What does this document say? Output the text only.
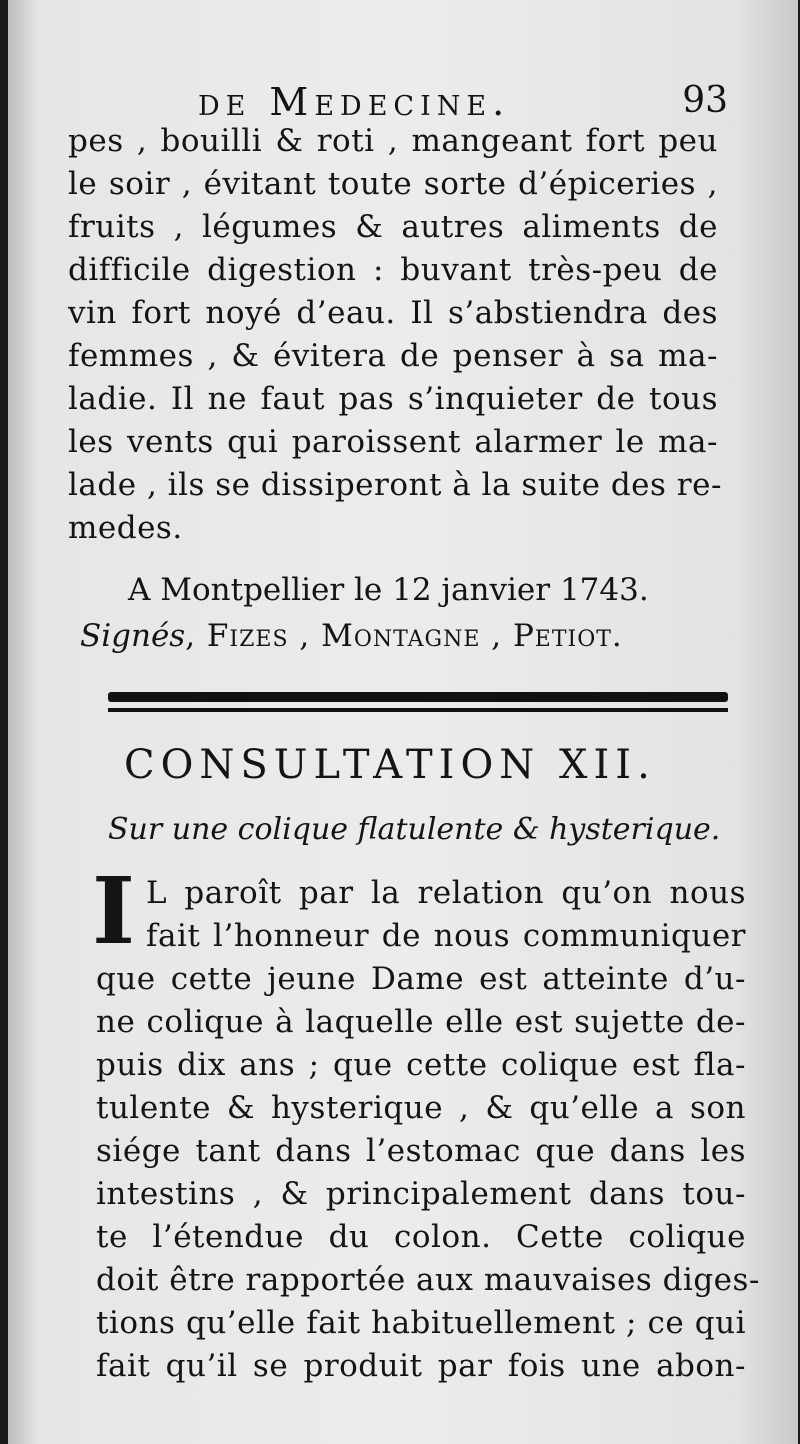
de Medecine.	93
pes , bouilli & roti , mangeant fort peu
le soir , évitant toute sorte d’épiceries ,
fruits , légumes & autres aliments de
difficile digestion : buvant très-peu de
vin fort noyé d’eau. Il s’abstiendra des
femmes , & évitera de penser à sa ma-
ladie. Il ne faut pas s’inquieter de tous
les vents qui paroissent alarmer le ma-
lade , ils se dissiperont à la suite des re-
medes.
A Montpellier le 12 janvier 1743.
Signés, Fizes , Montagne , Petiot.
CONSULTATION XII.
Sur une colique flatulente & hysterique.
I L paroît par la relation qu’on nous
fait l’honneur de nous communiquer
que cette jeune Dame est atteinte d’u-
ne colique à laquelle elle est sujette de-
puis dix ans ; que cette colique est fla-
tulente & hysterique , & qu’elle a son
siége tant dans l’estomac que dans les
intestins , & principalement dans tou-
te l’étendue du colon. Cette colique
doit être rapportée aux mauvaises diges-
tions qu’elle fait habituellement ; ce qui
fait qu’il se produit par fois une abon-
